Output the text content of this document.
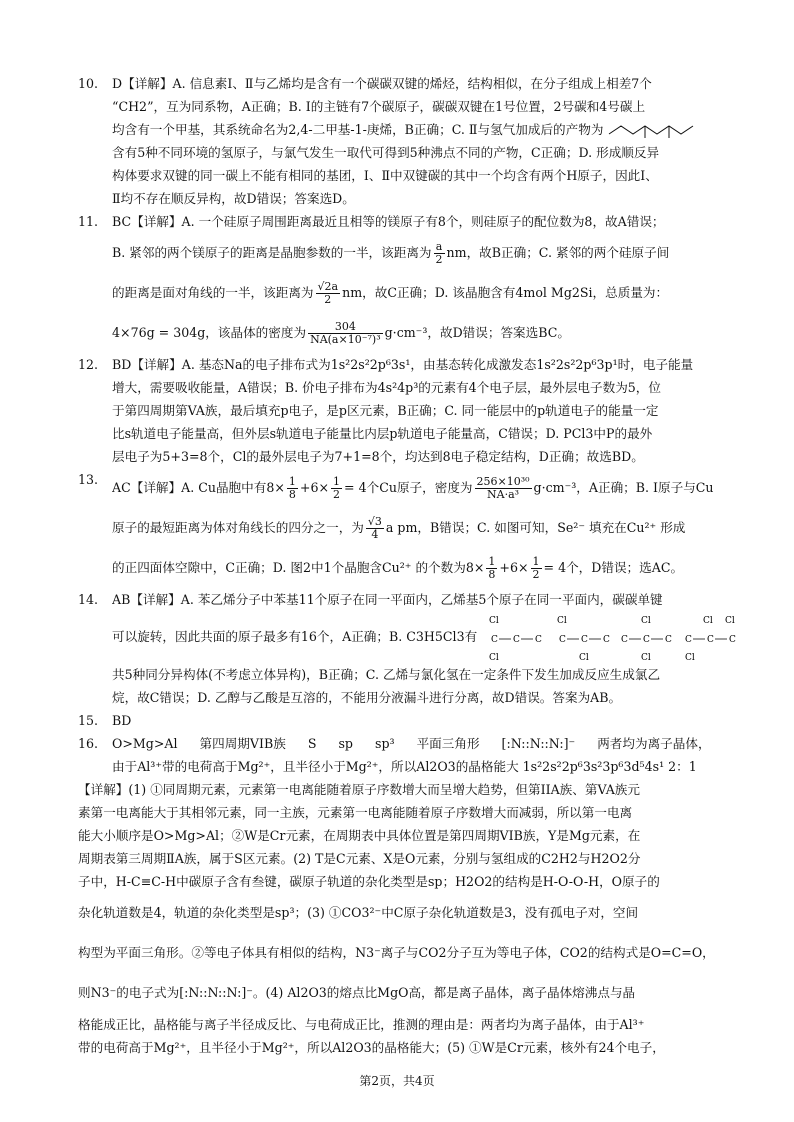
10.	D【详解】A. 信息素Ⅰ、Ⅱ与乙烯均是含有一个碳碳双键的烯烃，结构相似，在分子组成上相差7个
“CH2”，互为同系物，A正确；B. Ⅰ的主链有7个碳原子，碳碳双键在1号位置，2号碳和4号碳上
均含有一个甲基，其系统命名为2,4-二甲基-1-庚烯，B正确；C. Ⅱ与氢气加成后的产物为
含有5种不同环境的氢原子，与氯气发生一取代可得到5种沸点不同的产物，C正确；D. 形成顺反异
构体要求双键的同一碳上不能有相同的基团，Ⅰ、Ⅱ中双键碳的其中一个均含有两个H原子，因此Ⅰ、
Ⅱ均不存在顺反异构，故D错误；答案选D。
11.	BC【详解】A. 一个硅原子周围距离最近且相等的镁原子有8个，则硅原子的配位数为8，故A错误；
B. 紧邻的两个镁原子的距离是晶胞参数的一半，该距离为 $\frac{a}{2}$ nm，故B正确；C. 紧邻的两个硅原子间
的距离是面对角线的一半，该距离为 $\frac{√2a}{2}$ nm，故C正确；D. 该晶胞含有4mol Mg2Si，总质量为：
4×76g = 304g，该晶体的密度为 $\frac{304}{\text{NA(a×10⁻⁷)³}} g\cdot cm^{-3}$，故D错误；答案选BC。
12.	BD【详解】A. 基态Na的电子排布式为1s²2s²2p⁶3s¹，由基态转化成激发态1s²2s²2p⁶3p¹时，电子能量
增大，需要吸收能量，A错误；B. 价电子排布为4s²4p³的元素有4个电子层，最外层电子数为5，位
于第四周期第VA族，最后填充p电子，是p区元素，B正确；C. 同一能层中的p轨道电子的能量一定
比s轨道电子能量高，但外层s轨道电子能量比内层p轨道电子能量高，C错误；D. PCl3中P的最外
层电子为5+3=8个，Cl的最外层电子为7+1=8个，均达到8电子稳定结构，D正确；故选BD。
13.
AC【详解】A. Cu晶胞中有$8\times \frac{1}{8} +6\times \frac{1}{2} = 4$个Cu原子，密度为 $\frac{\text{256×10³⁰}}{\text{NA·a³}} g\cdot cm^{-3}$，A正确；B. Ⅰ原子与Cu
原子的最短距离为体对角线长的四分之一，为 $\frac{√3}{4}$ a pm，B错误；C. 如图可知，Se²⁻ 填充在Cu²⁺ 形成
的正四面体空隙中，C正确；D. 图2中1个晶胞含Cu²⁺ 的个数为$8\times \frac{1}{8} +6\times \frac{1}{2} = 4$个，D错误；选AC。
14.	AB【详解】A. 苯乙烯分子中苯基11个原子在同一平面内，乙烯基5个原子在同一平面内，碳碳单键
可以旋转，因此共面的原子最多有16个，A正确；B. C3H5Cl3有
Cl
C C C
Cl
Cl
C C C
Cl
Cl
C C C
Cl
Cl Cl
C C C
Cl
共5种同分异构体(不考虑立体异构)，B正确；C. 乙烯与氯化氢在一定条件下发生加成反应生成氯乙
烷，故C错误；D. 乙醇与乙酸是互溶的，不能用分液漏斗进行分离，故D错误。答案为AB。
15.	BD
16.	O>Mg>Al 第四周期VIB族 S sp sp³ 平面三角形 [:N::N::N:]⁻ 两者均为离子晶体，
由于Al³⁺带的电荷高于Mg²⁺，且半径小于Mg²⁺，所以Al2O3的晶格能大 1s²2s²2p⁶3s²3p⁶3d⁵4s¹ 2：1
【详解】(1) ①同周期元素，元素第一电离能随着原子序数增大而呈增大趋势，但第IIA族、第VA族元
素第一电离能大于其相邻元素，同一主族，元素第一电离能随着原子序数增大而减弱，所以第一电离
能大小顺序是O>Mg>Al；②W是Cr元素，在周期表中具体位置是第四周期VIB族，Y是Mg元素，在
周期表第三周期ⅡA族，属于S区元素。(2) T是C元素、X是O元素，分别与氢组成的C2H2与H2O2分
子中，H-C≡C-H中碳原子含有叁键，碳原子轨道的杂化类型是sp；H2O2的结构是H-O-O-H，O原子的
杂化轨道数是4，轨道的杂化类型是sp³；(3) ①CO3²⁻中C原子杂化轨道数是3，没有孤电子对，空间
构型为平面三角形。②等电子体具有相似的结构，N3⁻离子与CO2分子互为等电子体，CO2的结构式是O=C=O，
则N3⁻的电子式为[:N::N::N:]⁻。(4) Al2O3的熔点比MgO高，都是离子晶体，离子晶体熔沸点与晶
格能成正比，晶格能与离子半径成反比、与电荷成正比，推测的理由是：两者均为离子晶体，由于Al³⁺
带的电荷高于Mg²⁺，且半径小于Mg²⁺，所以Al2O3的晶格能大；(5) ①W是Cr元素，核外有24个电子，
第2页，共4页
